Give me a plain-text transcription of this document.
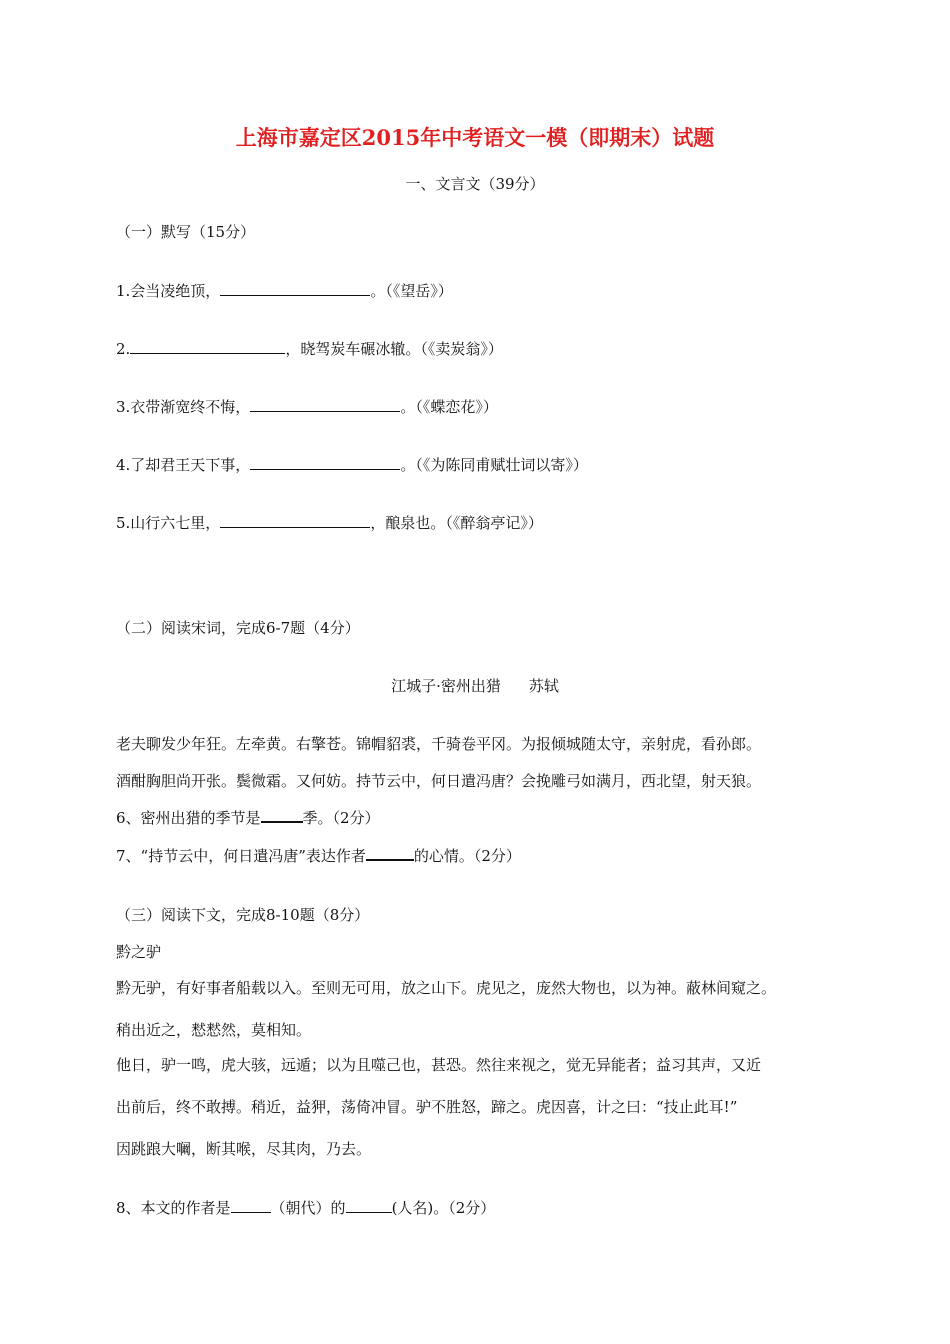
上海市嘉定区2015年中考语文一模（即期末）试题
一、文言文（39分）
（一）默写（15分）
1.会当凌绝顶，	。（《望岳》）
2.	，晓驾炭车碾冰辙。（《卖炭翁》）
3.衣带渐宽终不悔，	。（《蝶恋花》）
4.了却君王天下事，	。（《为陈同甫赋壮词以寄》）
5.山行六七里，	，酿泉也。（《醉翁亭记》）
（二）阅读宋词，完成6-7题（4分）
江城子·密州出猎 苏轼
老夫聊发少年狂。左牵黄。右擎苍。锦帽貂裘，千骑卷平冈。为报倾城随太守，亲射虎，看孙郎。
酒酣胸胆尚开张。鬓微霜。又何妨。持节云中，何日遣冯唐？会挽雕弓如满月，西北望，射天狼。
6、密州出猎的季节是	季。（2分）
7、“持节云中，何日遣冯唐”表达作者	的心情。（2分）
（三）阅读下文，完成8-10题（8分）
黔之驴
黔无驴，有好事者船载以入。至则无可用，放之山下。虎见之，庞然大物也，以为神。蔽林间窥之。
稍出近之，慭慭然，莫相知。
他日，驴一鸣，虎大骇，远遁；以为且噬己也，甚恐。然往来视之，觉无异能者；益习其声，又近
出前后，终不敢搏。稍近，益狎，荡倚冲冒。驴不胜怒，蹄之。虎因喜，计之曰：“技止此耳!”
因跳踉大㘎，断其喉，尽其肉，乃去。
8、本文的作者是	（朝代）的	(人名)。（2分）
